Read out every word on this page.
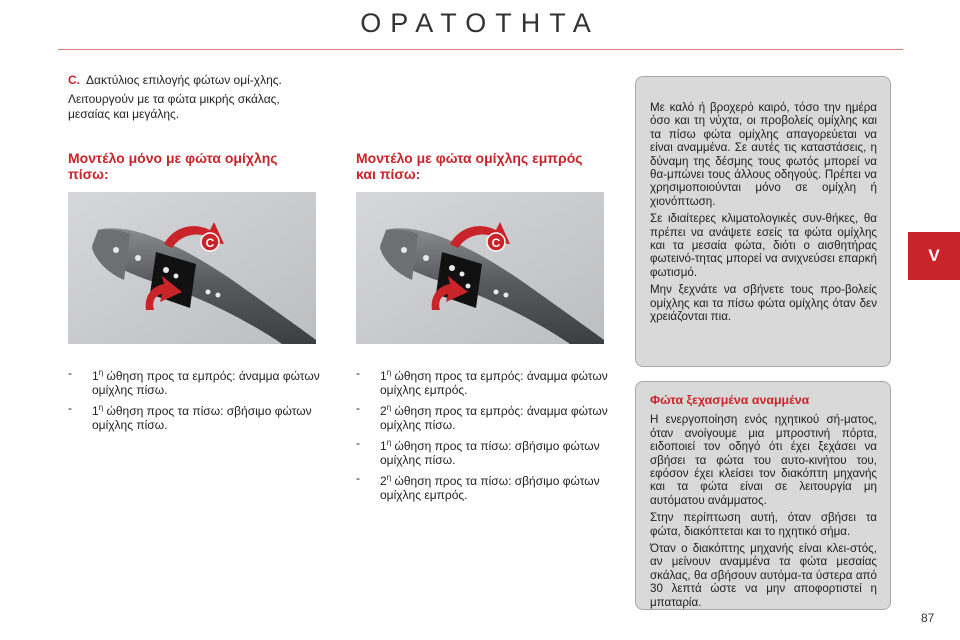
ΟΡΑΤΟΤΗΤΑ
V
C. Δακτύλιος επιλογής φώτων ομί-χλης.

Λειτουργούν με τα φώτα μικρής σκάλας, μεσαίας και μεγάλης.

Μοντέλο μόνο με φώτα ομίχλης πίσω:
Μοντέλο με φώτα ομίχλης εμπρός και πίσω:
C	C
-	$1^\eta$ ώθηση προς τα εμπρός: άναμμα φώτων ομίχλης πίσω.
-	$1^\eta$ ώθηση προς τα πίσω: σβήσιμο φώτων ομίχλης πίσω.
-	$1^\eta$ ώθηση προς τα εμπρός: άναμμα φώτων ομίχλης εμπρός.
-	$2^\eta$ ώθηση προς τα εμπρός: άναμμα φώτων ομίχλης πίσω.
-	$1^\eta$ ώθηση προς τα πίσω: σβήσιμο φώτων ομίχλης πίσω.
-	$2^\eta$ ώθηση προς τα πίσω: σβήσιμο φώτων ομίχλης εμπρός.

Με καλό ή βροχερό καιρό, τόσο την ημέρα όσο και τη νύχτα, οι προβολείς ομίχλης και τα πίσω φώτα ομίχλης απαγορεύεται να είναι αναμμένα. Σε αυτές τις καταστάσεις, η δύναμη της δέσμης τους φωτός μπορεί να θα-μπώνει τους άλλους οδηγούς. Πρέπει να χρησιμοποιούνται μόνο σε ομίχλη ή χιονόπτωση.

Σε ιδιαίτερες κλιματολογικές συν-θήκες, θα πρέπει να ανάψετε εσείς τα φώτα ομίχλης και τα μεσαία φώτα, διότι ο αισθητήρας φωτεινό-τητας μπορεί να ανιχνεύσει επαρκή φωτισμό.

Μην ξεχνάτε να σβήνετε τους προ-βολείς ομίχλης και τα πίσω φώτα ομίχλης όταν δεν χρειάζονται πια.

Φώτα ξεχασμένα αναμμένα

Η ενεργοποίηση ενός ηχητικού σή-ματος, όταν ανοίγουμε μια μπροστινή πόρτα, ειδοποιεί τον οδηγό ότι έχει ξεχάσει να σβήσει τα φώτα του αυτο-κινήτου του, εφόσον έχει κλείσει τον διακόπτη μηχανής και τα φώτα είναι σε λειτουργία μη αυτόματου ανάμματος.

Στην περίπτωση αυτή, όταν σβήσει τα φώτα, διακόπτεται και το ηχητικό σήμα.

Όταν ο διακόπτης μηχανής είναι κλει-στός, αν μείνουν αναμμένα τα φώτα μεσαίας σκάλας, θα σβήσουν αυτόμα-τα ύστερα από 30 λεπτά ώστε να μην αποφορτιστεί η μπαταρία.

87
